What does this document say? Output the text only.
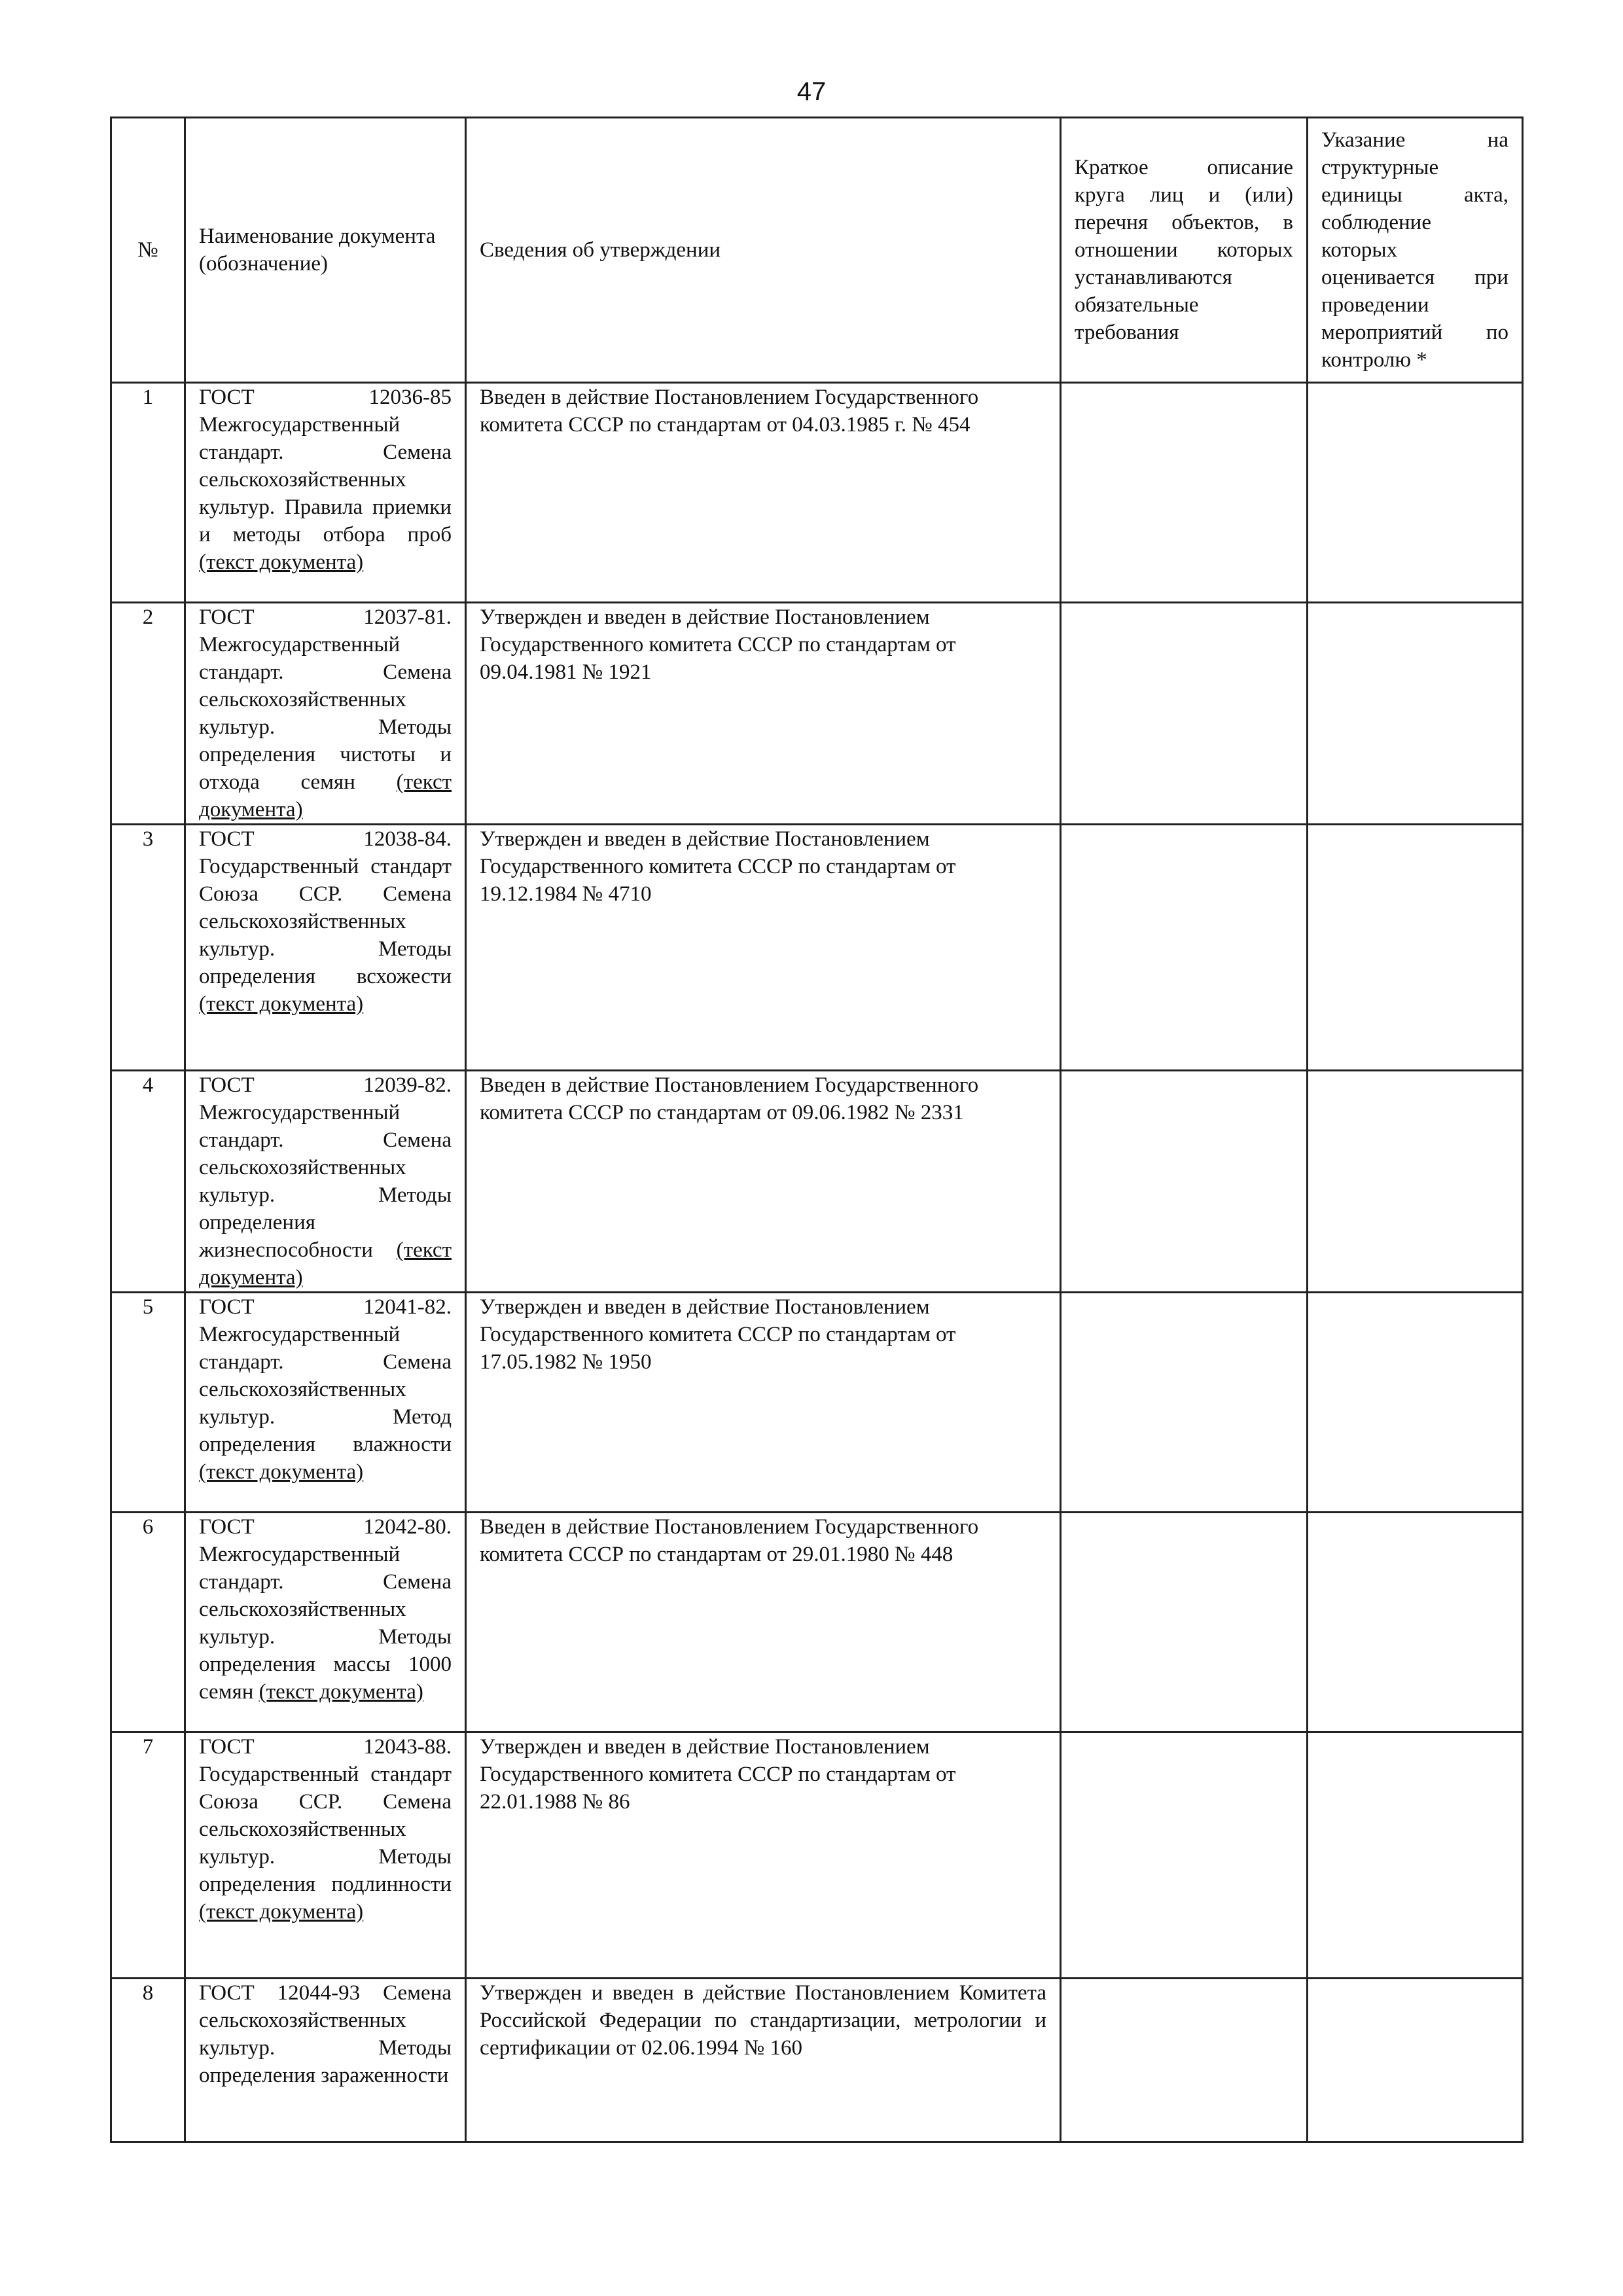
47
№	Наименование документа (обозначение)	Сведения об утверждении	Краткое описание круга лиц и (или) перечня объектов, в отношении которых устанавливаются обязательные требования	Указание на структурные единицы акта, соблюдение которых оценивается при проведении мероприятий по контролю *
1	ГОСТ 12036-85 Межгосударственный стандарт. Семена сельскохозяйственных культур. Правила приемки и методы отбора проб (текст документа)	Введен в действие Постановлением Государственного комитета СССР по стандартам от 04.03.1985 г. № 454		
2	ГОСТ 12037-81. Межгосударственный стандарт. Семена сельскохозяйственных культур. Методы определения чистоты и отхода семян (текст документа)	Утвержден и введен в действие Постановлением Государственного комитета СССР по стандартам от 09.04.1981 № 1921		
3	ГОСТ 12038-84. Государственный стандарт Союза ССР. Семена сельскохозяйственных культур. Методы определения всхожести (текст документа)	Утвержден и введен в действие Постановлением Государственного комитета СССР по стандартам от 19.12.1984 № 4710		
4	ГОСТ 12039-82. Межгосударственный стандарт. Семена сельскохозяйственных культур. Методы определения жизнеспособности (текст документа)	Введен в действие Постановлением Государственного комитета СССР по стандартам от 09.06.1982 № 2331		
5	ГОСТ 12041-82. Межгосударственный стандарт. Семена сельскохозяйственных культур. Метод определения влажности (текст документа)	Утвержден и введен в действие Постановлением Государственного комитета СССР по стандартам от 17.05.1982 № 1950		
6	ГОСТ 12042-80. Межгосударственный стандарт. Семена сельскохозяйственных культур. Методы определения массы 1000 семян (текст документа)	Введен в действие Постановлением Государственного комитета СССР по стандартам от 29.01.1980 № 448		
7	ГОСТ 12043-88. Государственный стандарт Союза ССР. Семена сельскохозяйственных культур. Методы определения подлинности (текст документа)	Утвержден и введен в действие Постановлением Государственного комитета СССР по стандартам от 22.01.1988 № 86		
8	ГОСТ 12044-93 Семена сельскохозяйственных культур. Методы определения зараженности	Утвержден и введен в действие Постановлением Комитета Российской Федерации по стандартизации, метрологии и сертификации от 02.06.1994 № 160		
